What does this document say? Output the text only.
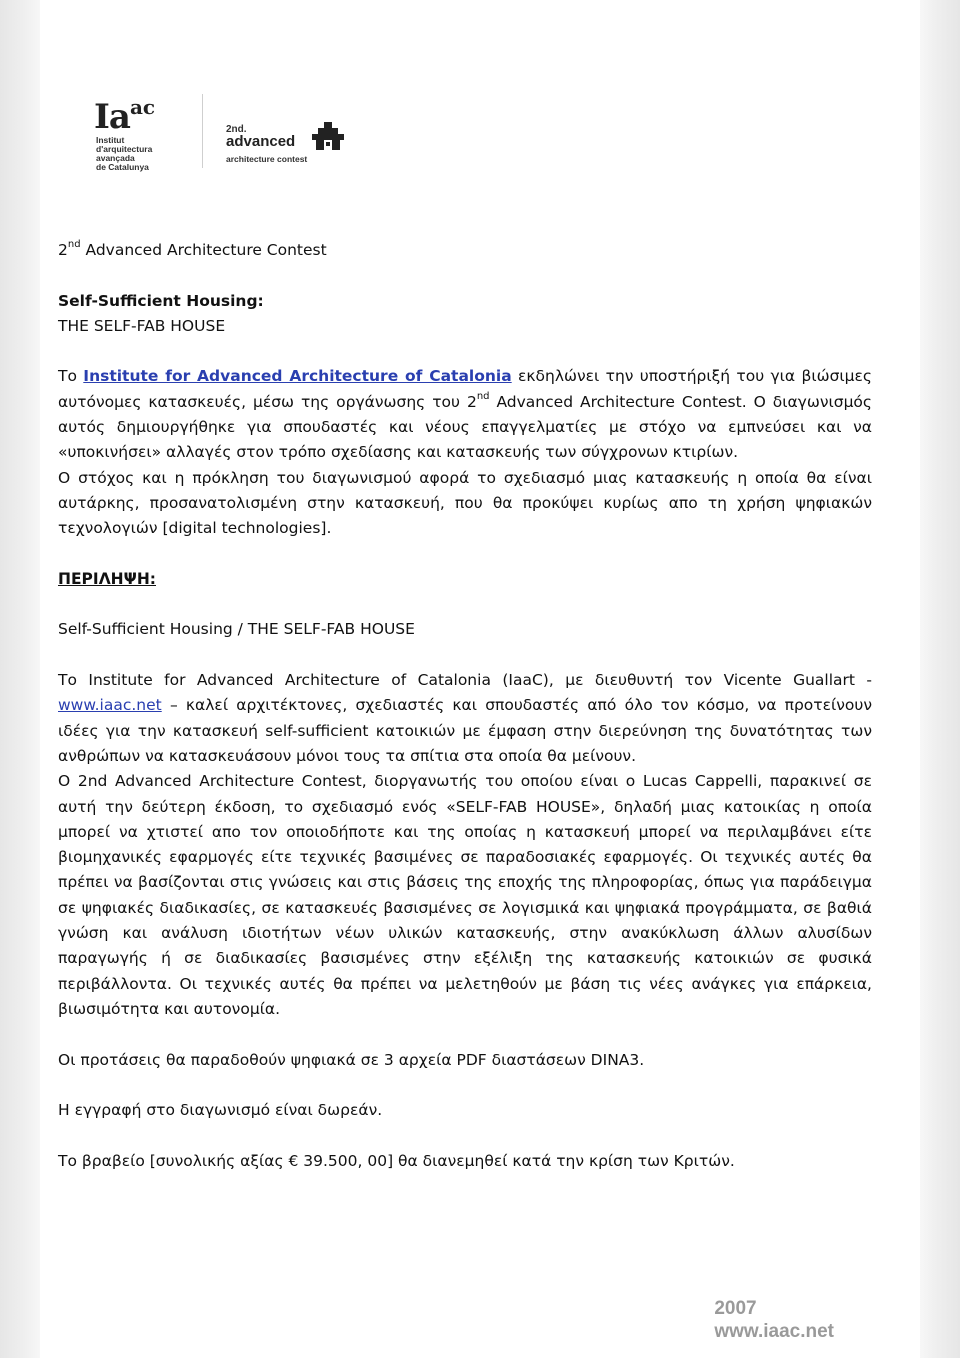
$Ia^{ac}$
Institut
d'arquitectura
avançada
de Catalunya
2nd.
advanced
architecture contest

2nd Advanced Architecture Contest

Self-Sufficient Housing:

THE SELF-FAB HOUSE

Το Institute for Advanced Architecture of Catalonia εκδηλώνει την υποστήριξή του για βιώσιμες αυτόνομες κατασκευές, μέσω της οργάνωσης του 2nd Advanced Architecture Contest. Ο διαγωνισμός αυτός δημιουργήθηκε για σπουδαστές και νέους επαγγελματίες με στόχο να εμπνεύσει και να «υποκινήσει» αλλαγές στον τρόπο σχεδίασης και κατασκευής των σύγχρονων κτιρίων.

Ο στόχος και η πρόκληση του διαγωνισμού αφορά το σχεδιασμό μιας κατασκευής η οποία θα είναι αυτάρκης, προσανατολισμένη στην κατασκευή, που θα προκύψει κυρίως απο τη χρήση ψηφιακών τεχνολογιών [digital technologies].

ΠΕΡΙΛΗΨΗ:

Self-Sufficient Housing / THE SELF-FAB HOUSE

Το Institute for Advanced Architecture of Catalonia (IaaC), με διευθυντή τον Vicente Guallart - www.iaac.net – καλεί αρχιτέκτονες, σχεδιαστές και σπουδαστές από όλο τον κόσμο, να προτείνουν ιδέες για την κατασκευή self-sufficient κατοικιών με έμφαση στην διερεύνηση της δυνατότητας των ανθρώπων να κατασκευάσουν μόνοι τους τα σπίτια στα οποία θα μείνουν.

Ο 2nd Advanced Architecture Contest, διοργανωτής του οποίου είναι ο Lucas Cappelli, παρακινεί σε αυτή την δεύτερη έκδοση, το σχεδιασμό ενός «SELF-FAB HOUSE», δηλαδή μιας κατοικίας η οποία μπορεί να χτιστεί απο τον οποιοδήποτε και της οποίας η κατασκευή μπορεί να περιλαμβάνει είτε βιομηχανικές εφαρμογές είτε τεχνικές βασιμένες σε παραδοσιακές εφαρμογές. Οι τεχνικές αυτές θα πρέπει να βασίζονται στις γνώσεις και στις βάσεις της εποχής της πληροφορίας, όπως για παράδειγμα σε ψηφιακές διαδικασίες, σε κατασκευές βασισμένες σε λογισμικά και ψηφιακά προγράμματα, σε βαθιά γνώση και ανάλυση ιδιοτήτων νέων υλικών κατασκευής, στην ανακύκλωση άλλων αλυσίδων παραγωγής ή σε διαδικασίες βασισμένες στην εξέλιξη της κατασκευής κατοικιών σε φυσικά περιβάλλοντα. Οι τεχνικές αυτές θα πρέπει να μελετηθούν με βάση τις νέες ανάγκες για επάρκεια, βιωσιμότητα και αυτονομία.

Οι προτάσεις θα παραδοθούν ψηφιακά σε 3 αρχεία PDF διαστάσεων DINA3.

Η εγγραφή στο διαγωνισμό είναι δωρεάν.

Το βραβείο [συνολικής αξίας € 39.500, 00] θα διανεμηθεί κατά την κρίση των Κριτών.

2007
www.iaac.net
